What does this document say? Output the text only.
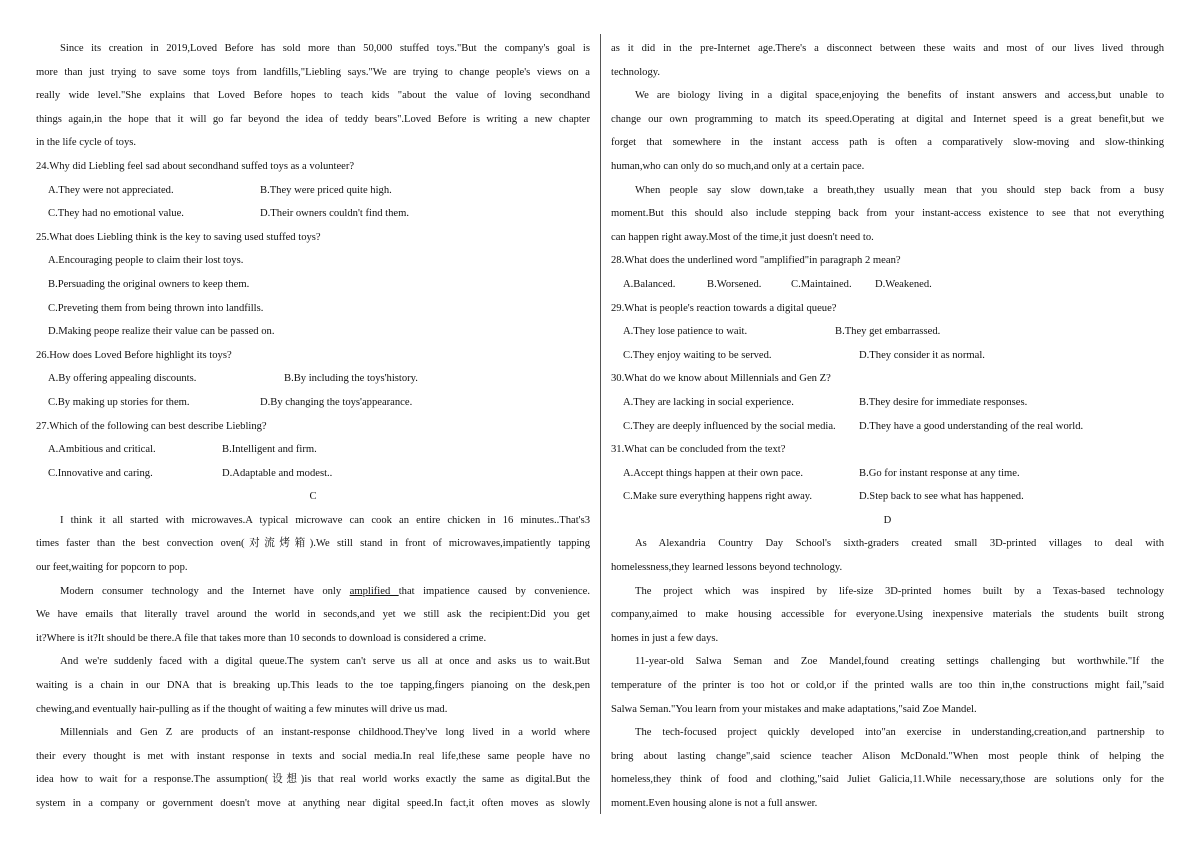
Since its creation in 2019,Loved Before has sold more than 50,000 stuffed toys."But the company's goal is
more than just trying to save some toys from landfills,"Liebling says."We are trying to change people's views on a
really wide level."She explains that Loved Before hopes to teach kids "about the value of loving secondhand
things again,in the hope that it will go far beyond the idea of teddy bears".Loved Before is writing a new chapter
in the life cycle of toys.
24.Why did Liebling feel sad about secondhand suffed toys as a volunteer?
A.They were not appreciated.	B.They were priced quite high.
C.They had no emotional value.	D.Their owners couldn't find them.
25.What does Liebling think is the key to saving used stuffed toys?
A.Encouraging people to claim their lost toys.
B.Persuading the original owners to keep them.
C.Preveting them from being thrown into landfills.
D.Making peope realize their value can be passed on.
26.How does Loved Before highlight its toys?
A.By offering appealing discounts.	B.By including the toys'history.
C.By making up stories for them.	D.By changing the toys'appearance.
27.Which of the following can best describe Liebling?
A.Ambitious and critical.	B.Intelligent and firm.
C.Innovative and caring.	D.Adaptable and modest..
C
I think it all started with microwaves.A typical microwave can cook an entire chicken in 16 minutes..That's3
times faster than the best convection oven(对流烤箱).We still stand in front of microwaves,impatiently tapping
our feet,waiting for popcorn to pop.
Modern consumer technology and the Internet have only amplified that impatience caused by convenience.
We have emails that literally travel around the world in seconds,and yet we still ask the recipient:Did you get
it?Where is it?It should be there.A file that takes more than 10 seconds to download is considered a crime.
And we're suddenly faced with a digital queue.The system can't serve us all at once and asks us to wait.But
waiting is a chain in our DNA that is breaking up.This leads to the toe tapping,fingers pianoing on the desk,pen
chewing,and eventually hair-pulling as if the thought of waiting a few minutes will drive us mad.
Millennials and Gen Z are products of an instant-response childhood.They've long lived in a world where
their every thought is met with instant response in texts and social media.In real life,these same people have no
idea how to wait for a response.The assumption(设想)is that real world works exactly the same as digital.But the
system in a company or government doesn't move at anything near digital speed.In fact,it often moves as slowly
as it did in the pre-Internet age.There's a disconnect between these waits and most of our lives lived through
technology.
We are biology living in a digital space,enjoying the benefits of instant answers and access,but unable to
change our own programming to match its speed.Operating at digital and Internet speed is a great benefit,but we
forget that somewhere in the instant access path is often a comparatively slow-moving and slow-thinking
human,who can only do so much,and only at a certain pace.
When people say slow down,take a breath,they usually mean that you should step back from a busy
moment.But this should also include stepping back from your instant-access existence to see that not everything
can happen right away.Most of the time,it just doesn't need to.
28.What does the underlined word "amplified"in paragraph 2 mean?
A.Balanced.	B.Worsened.	C.Maintained. D.Weakened.
29.What is people's reaction towards a digital queue?
A.They lose patience to wait.	B.They get embarrassed.
C.They enjoy waiting to be served.	D.They consider it as normal.
30.What do we know about Millennials and Gen Z?
A.They are lacking in social experience.	B.They desire for immediate responses.
C.They are deeply influenced by the social media. D.They have a good understanding of the real world.
31.What can be concluded from the text?
A.Accept things happen at their own pace.	B.Go for instant response at any time.
C.Make sure everything happens right away.	D.Step back to see what has happened.
D
As Alexandria Country Day School's sixth-graders created small 3D-printed villages to deal with
homelessness,they learned lessons beyond technology.
The project which was inspired by life-size 3D-printed homes built by a Texas-based technology
company,aimed to make housing accessible for everyone.Using inexpensive materials the students built strong
homes in just a few days.
11-year-old Salwa Seman and Zoe Mandel,found creating settings challenging but worthwhile."If the
temperature of the printer is too hot or cold,or if the printed walls are too thin in,the constructions might fail,"said
Salwa Seman."You learn from your mistakes and make adaptations,"said Zoe Mandel.
The tech-focused project quickly developed into"an exercise in understanding,creation,and partnership to
bring about lasting change",said science teacher Alison McDonald."When most people think of helping the
homeless,they think of food and clothing,"said Juliet Galicia,11.While necessary,those are solutions only for the
moment.Even housing alone is not a full answer.
